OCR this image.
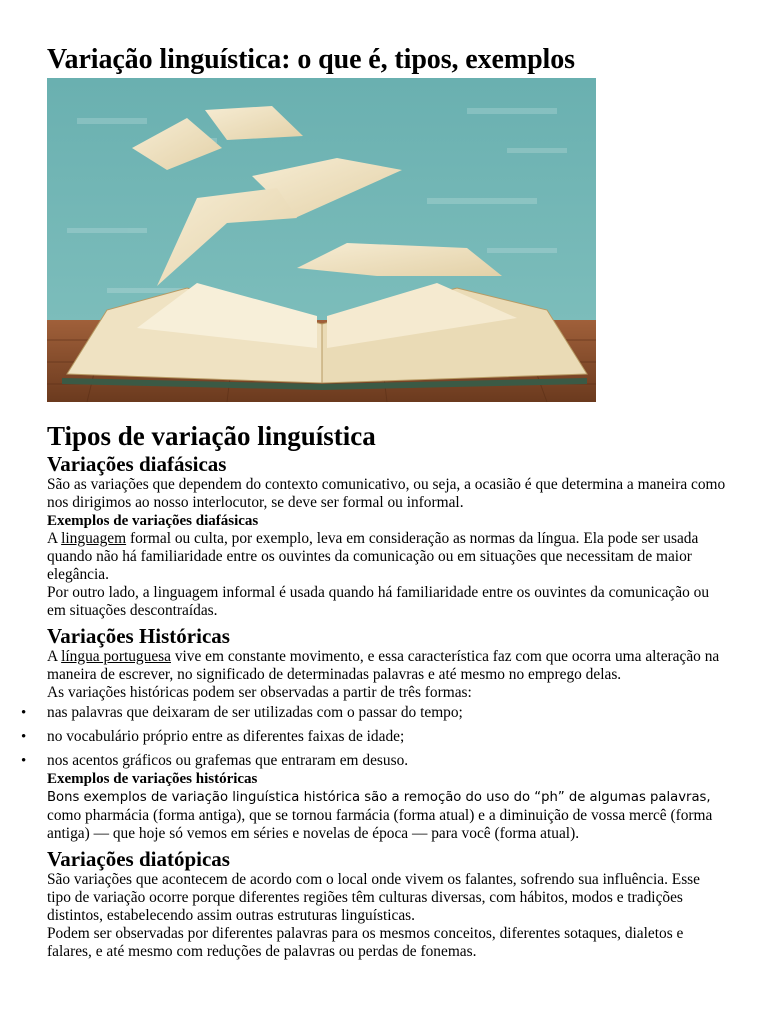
Variação linguística: o que é, tipos, exemplos
Tipos de variação linguística
Variações diafásicas

São as variações que dependem do contexto comunicativo, ou seja, a ocasião é que determina a maneira como nos dirigimos ao nosso interlocutor, se deve ser formal ou informal.

Exemplos de variações diafásicas

A linguagem formal ou culta, por exemplo, leva em consideração as normas da língua. Ela pode ser usada quando não há familiaridade entre os ouvintes da comunicação ou em situações que necessitam de maior elegância.

Por outro lado, a linguagem informal é usada quando há familiaridade entre os ouvintes da comunicação ou em situações descontraídas.

Variações Históricas

A língua portuguesa vive em constante movimento, e essa característica faz com que ocorra uma alteração na maneira de escrever, no significado de determinadas palavras e até mesmo no emprego delas.

As variações históricas podem ser observadas a partir de três formas:

• nas palavras que deixaram de ser utilizadas com o passar do tempo;
• no vocabulário próprio entre as diferentes faixas de idade;
• nos acentos gráficos ou grafemas que entraram em desuso.
Exemplos de variações históricas

Bons exemplos de variação linguística histórica são a remoção do uso do “ph” de algumas palavras, como pharmácia (forma antiga), que se tornou farmácia (forma atual) e a diminuição de vossa mercê (forma antiga) — que hoje só vemos em séries e novelas de época — para você (forma atual).

Variações diatópicas

São variações que acontecem de acordo com o local onde vivem os falantes, sofrendo sua influência. Esse tipo de variação ocorre porque diferentes regiões têm culturas diversas, com hábitos, modos e tradições distintos, estabelecendo assim outras estruturas linguísticas.

Podem ser observadas por diferentes palavras para os mesmos conceitos, diferentes sotaques, dialetos e falares, e até mesmo com reduções de palavras ou perdas de fonemas.
